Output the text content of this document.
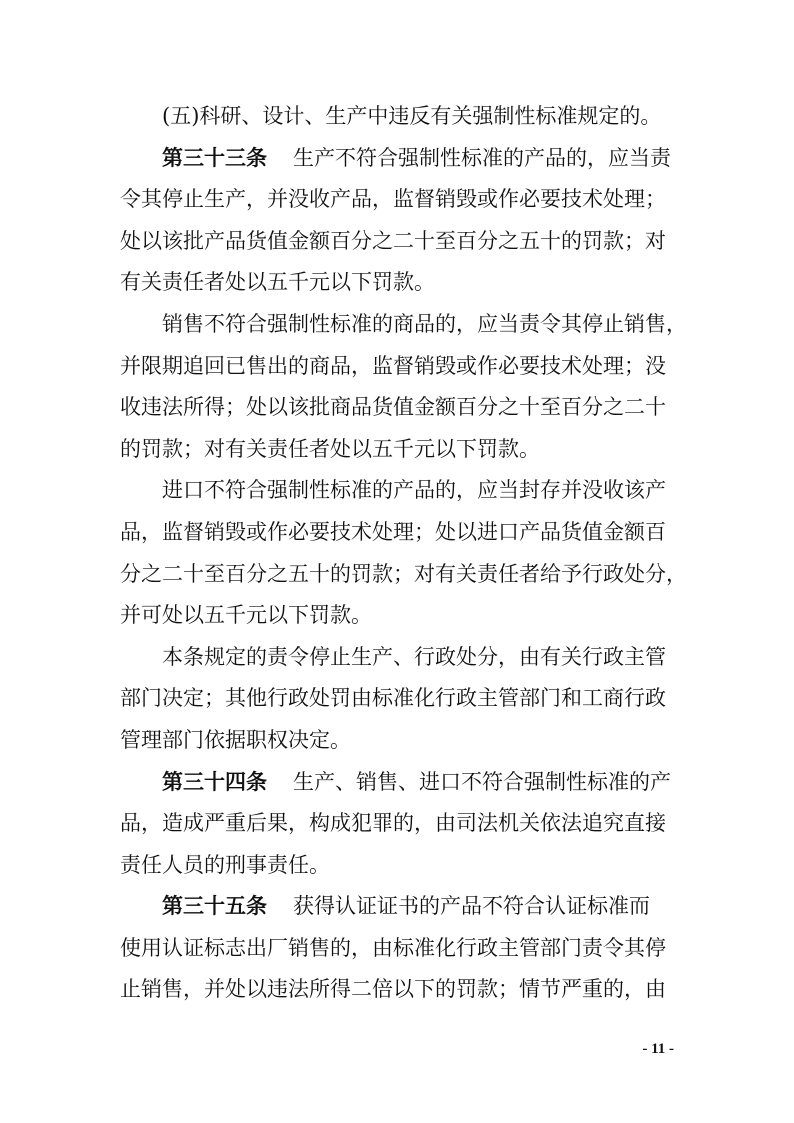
(五)科研、设计、生产中违反有关强制性标准规定的。
第三十三条 生产不符合强制性标准的产品的，应当责
令其停止生产，并没收产品，监督销毁或作必要技术处理；
处以该批产品货值金额百分之二十至百分之五十的罚款；对
有关责任者处以五千元以下罚款。
销售不符合强制性标准的商品的，应当责令其停止销售，
并限期追回已售出的商品，监督销毁或作必要技术处理；没
收违法所得；处以该批商品货值金额百分之十至百分之二十
的罚款；对有关责任者处以五千元以下罚款。
进口不符合强制性标准的产品的，应当封存并没收该产
品，监督销毁或作必要技术处理；处以进口产品货值金额百
分之二十至百分之五十的罚款；对有关责任者给予行政处分，
并可处以五千元以下罚款。
本条规定的责令停止生产、行政处分，由有关行政主管
部门决定；其他行政处罚由标准化行政主管部门和工商行政
管理部门依据职权决定。
第三十四条 生产、销售、进口不符合强制性标准的产
品，造成严重后果，构成犯罪的，由司法机关依法追究直接
责任人员的刑事责任。
第三十五条 获得认证证书的产品不符合认证标准而
使用认证标志出厂销售的，由标准化行政主管部门责令其停
止销售，并处以违法所得二倍以下的罚款；情节严重的，由
- 11 -
